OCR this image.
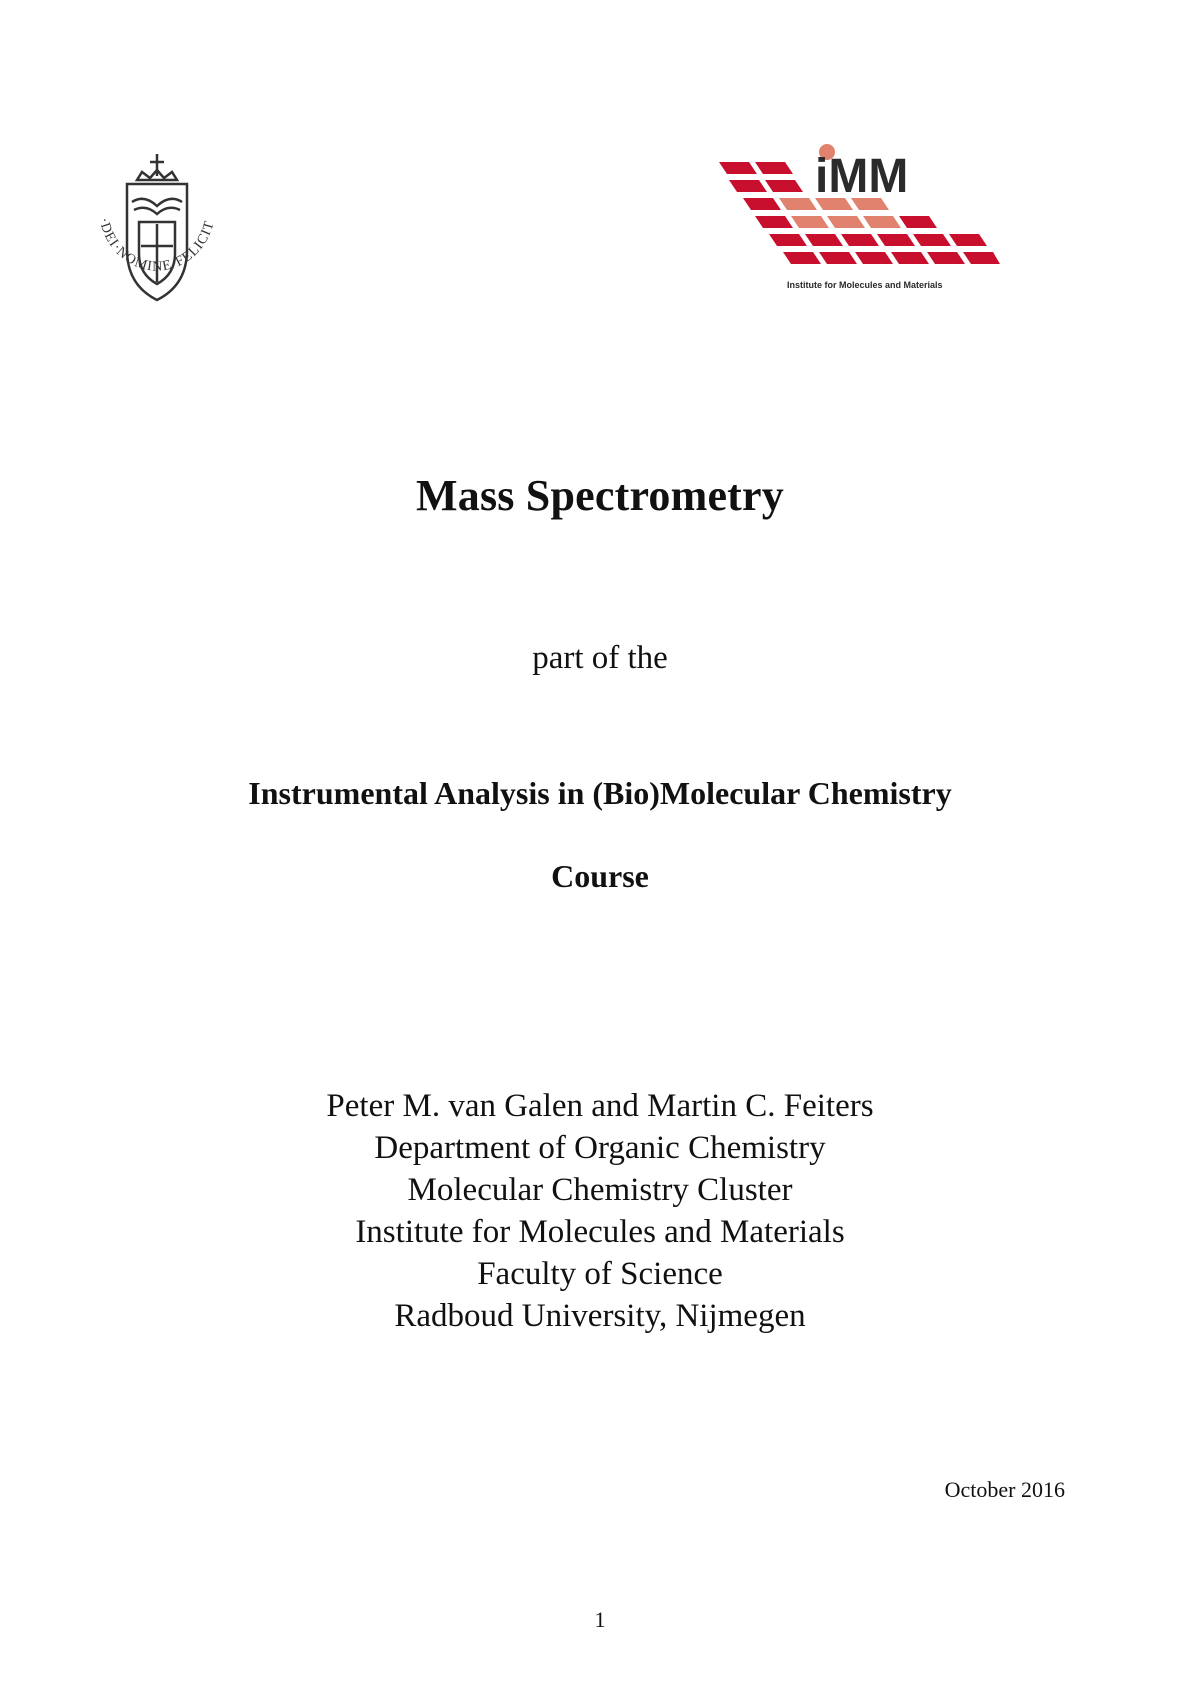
·DEI·NOMINE·FELICIT
iMM
Institute for Molecules and Materials
Mass Spectrometry
part of the
Instrumental Analysis in (Bio)Molecular Chemistry
Course
Peter M. van Galen and Martin C. Feiters
Department of Organic Chemistry
Molecular Chemistry Cluster
Institute for Molecules and Materials
Faculty of Science
Radboud University, Nijmegen
October 2016
1
